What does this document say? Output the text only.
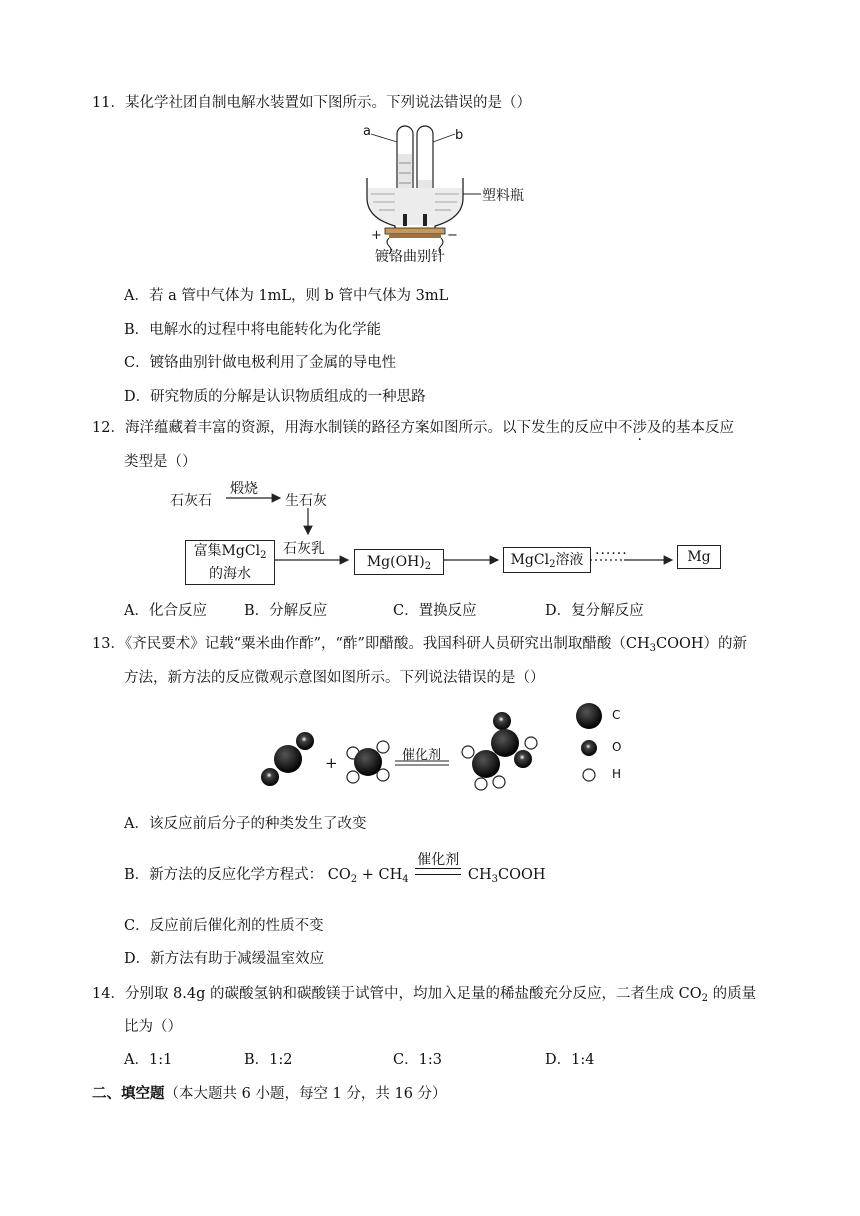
11．某化学社团自制电解水装置如下图所示。下列说法错误的是（）
a	b
塑料瓶
+	−
镀铬曲别针
A．若 a 管中气体为 1mL，则 b 管中气体为 3mL
B．电解水的过程中将电能转化为化学能
C．镀铬曲别针做电极利用了金属的导电性
D．研究物质的分解是认识物质组成的一种思路
12．海洋蕴藏着丰富的资源，用海水制镁的路径方案如图所示。以下发生的反应中不涉及的基本反应
类型是（）
石灰石
煅烧
生石灰
石灰乳	······
富集MgCl$_2$
的海水
$Mg(OH)_2$	MgCl$_2$溶液	Mg
A．化合反应	B．分解反应	C．置换反应	D．复分解反应
13．《齐民要术》记载“粟米曲作酢”，“酢”即醋酸。我国科研人员研究出制取醋酸$(CH_3COOH)$的新
方法，新方法的反应微观示意图如图所示。下列说法错误的是（）
+	催化剂
C
O
H
A．该反应前后分子的种类发生了改变
B．新方法的反应化学方程式： $CO_2 + CH_4$
催化剂
$CH_3COOH$
C．反应前后催化剂的性质不变
D．新方法有助于减缓温室效应
14．分别取 8.4g 的碳酸氢钠和碳酸镁于试管中，均加入足量的稀盐酸充分反应，二者生成 $CO_2$ 的质量
比为（）
A．1:1	B．1:2	C．1:3	D．1:4
二、填空题（本大题共 6 小题，每空 1 分，共 16 分）
